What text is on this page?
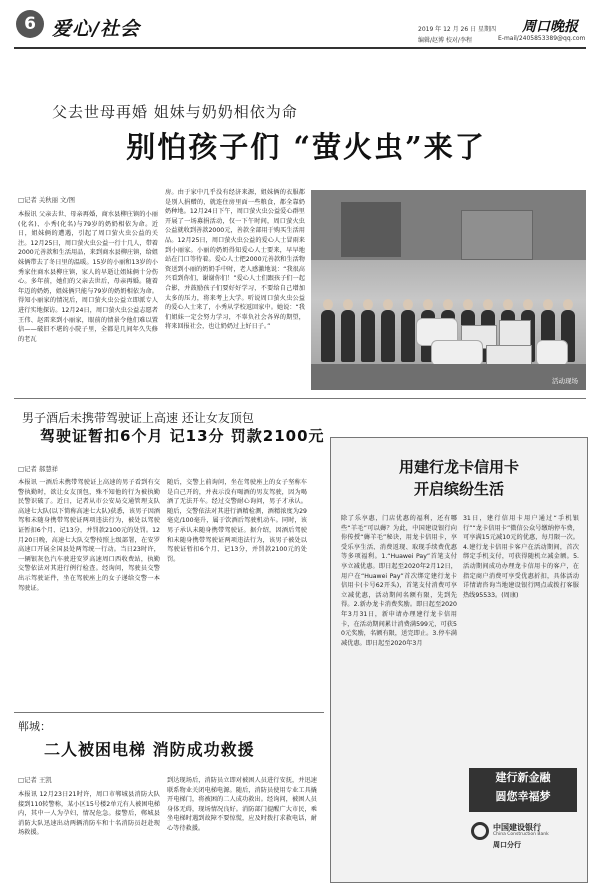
6 爱心/社会	2019 年 12 月 26 日 星期四 周口晚报
编辑/赵博 校对/李程	E-mail/2405853389@qq.com
父去世母再婚 姐妹与奶奶相依为命
别怕孩子们 “萤火虫”来了
□记者 关秋丽 文/图
本报讯 父亲去世、母亲再婚，商水县柳庄镇的小丽(化名)、小秀(化名)与79岁的奶奶相依为命。近日，姐妹俩的遭遇，引起了周口萤火虫公益的关注。12月25日，周口萤火虫公益一行十几人，带着2000元善款和生活用品，来到商水县柳庄镇，给姐妹俩带去了冬日里的温暖。15岁的小丽和13岁的小秀家住商水县柳庄镇，家人的早逝让姐妹俩十分伤心。多年前，她们的父亲去世后，母亲再婚。随着年迈的奶奶，姐妹俩只能与79岁的奶奶相依为命。得知小丽家的情况后，周口萤火虫公益立即派专人进行实地探访。12月24日，周口萤火虫公益志愿者王伟、赵雷来到小丽家，眼前的情景令他们难以置信——破旧不堪的小院子里，全都是几间年久失修的老瓦
房。由于家中几乎没有经济来源，姐妹俩的衣服都是别人捐赠的，就连住房里面一些粮食，都全靠奶奶种地。12月24日下午，周口萤火虫公益爱心群里开展了一场募捐活动，仅一下午时间，周口萤火虫公益就收到善款2000元，善款全部用于购买生活用品。12月25日，周口萤火虫公益的爱心人士冒雨来到小丽家。小丽的奶奶得知爱心人士要来，早早地站在门口等待着。爱心人士把2000元善款和生活物资送到小丽的奶奶手中时，老人感激地说：“我很高兴看到你们，谢谢你们！”爱心人士们跟孩子们一起合影，并鼓励孩子们要好好学习，不要给自己增加太多的压力，将来考上大学。听说周口萤火虫公益的爱心人士来了，小秀从学校返回家中。她说：“我们姐妹一定会努力学习，不辜负社会各界的期望，将来回报社会，也让奶奶过上好日子。”
活动现场
男子酒后未携带驾驶证上高速 还让女友顶包
驾驶证暂扣6个月 记13分 罚款2100元
□记者 郝慧祥
本报讯 一酒后未携带驾驶证上高速的男子看到有交警执勤时，欲让女友顶包，殊不知他的行为被执勤民警识破了。近日，记者从市公安局交通管理支队高速七大队(以下简称高速七大队)获悉，该男子因酒驾和未随身携带驾驶证两项违法行为，被处以驾驶证暂扣6个月、记13分，并罚款2100元的处罚。12月20日晚，高速七大队交警按照上级部署，在安罗高速口开展全国县处两驾统一行动。当日23时许，一辆银灰色汽车驶进安罗高速周口西收费站，执勤交警依法对其进行例行检查。经询问，驾驶员交警出示驾驶证件，坐在驾驶座上的女子递给交警一本驾驶证。
随后，交警上前询问，坐在驾驶座上的女子坚称车是自己开的，并表示没有喝酒的男友驾驶，因为喝酒了无法开车。经过交警耐心询问，男子才承认。随后，交警依法对其进行酒精检测，酒精浓度为29毫克/100毫升，属于饮酒后驾驶机动车。同时，该男子承认未随身携带驾驶证。据介绍，因酒后驾驶和未随身携带驾驶证两项违法行为，该男子被处以驾驶证暂扣6个月、记13分，并罚款2100元的处罚。
郸城：
二人被困电梯 消防成功救援
□记者 王凯
本报讯 12月23日21时许，周口市郸城县消防大队接到110转警称，某小区15号楼2单元有人被困电梯内，其中一人为孕妇，情况危急。接警后，郸城县消防大队迅速出动两辆消防车和十名消防员赶赴现场救援。
到达现场后，消防员立即对被困人员进行安抚，并迅速联系物业关闭电梯电源。随后，消防员使用专业工具撬开电梯门，将被困的二人成功救出。经询问，被困人员身体无碍，现场情况良好。消防部门提醒广大市民，乘坐电梯时遇到故障不要惊慌，应及时拨打求救电话，耐心等待救援。
用建行龙卡信用卡
开启缤纷生活
除了乐享惠，门店优惠的福利，还有哪些“羊毛”可以薅？为此，中国建设银行向你传授“薅羊毛”秘诀，用龙卡信用卡，享受乐享生活、消费返现、取现手续费优惠等多项福利。1.“Huawei Pay”首笔支付享立减优惠。即日起至2020年2月12日，用户在“Huawei Pay”首次绑定建行龙卡信用卡(卡号62开头)，首笔支付消费可享立减优惠，活动期间名额有限，先到先得。2.新办龙卡消费奖励。即日起至2020年3月31日，新申请办理建行龙卡信用卡，在活动期间累计消费满599元，可获50元奖励，名额有限，送完即止。3.停车满减优惠。即日起至2020年3月
31日，建行信用卡用户通过“手机银行”“龙卡信用卡”微信公众号缴纳停车费，可享满15元减10元的优惠，每月限一次。4.建行龙卡信用卡客户在活动期间，首次绑定手机支付，可获得随机立减金额。5.活动期间成功办理龙卡信用卡的客户，在指定商户消费可享受优惠折扣，具体活动详情请咨询当地建设银行网点或拨打客服热线95533。(周康)
建行新金融
圆您幸福梦
中国建设银行
China Construction Bank
周口分行
